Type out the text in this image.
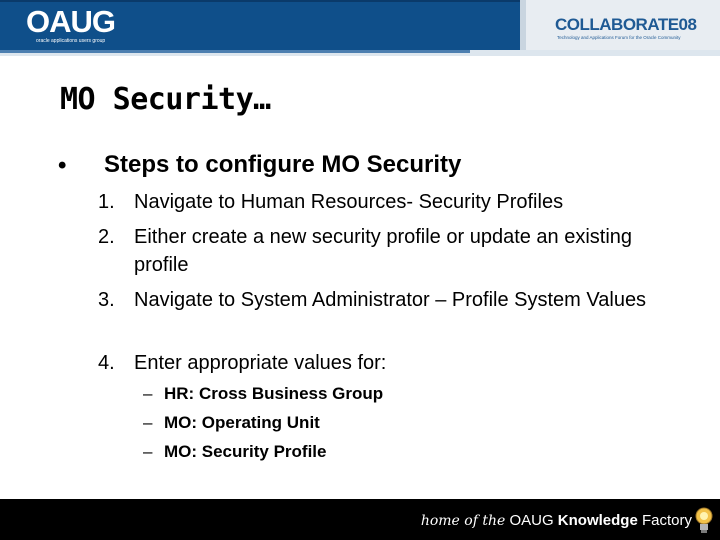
OAUG
oracle applications users group
COLLABORATE08
Technology and Applications Forum for the Oracle Community
MO Security…
• Steps to configure MO Security
1. Navigate to Human Resources- Security Profiles
2. Either create a new security profile or update an existing profile
3. Navigate to System Administrator – Profile System Values
4. Enter appropriate values for:
– HR: Cross Business Group
– MO: Operating Unit
– MO: Security Profile
home of the OAUG Knowledge Factory
